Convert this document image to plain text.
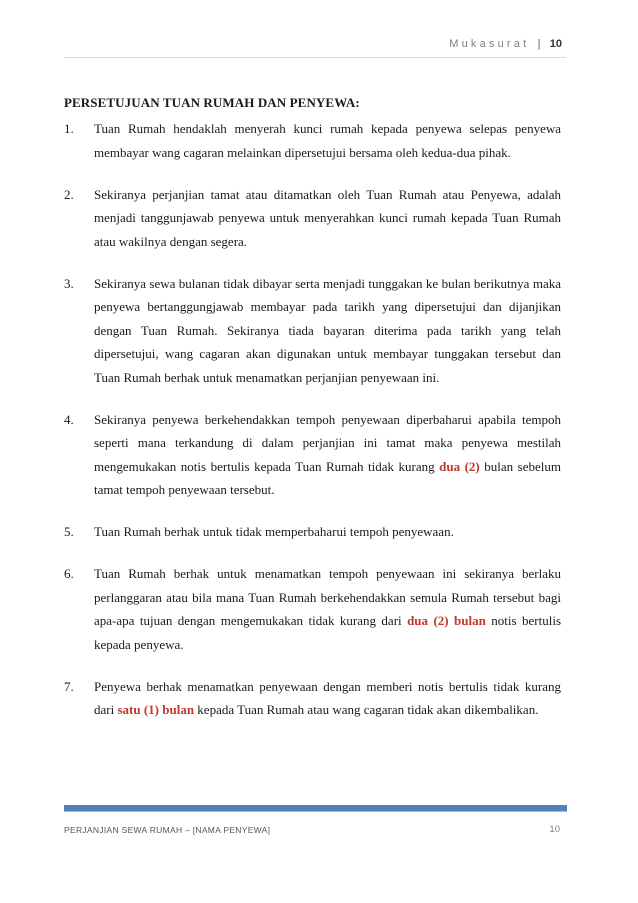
Mukasurat | 10
PERSETUJUAN TUAN RUMAH DAN PENYEWA:
1.	Tuan Rumah hendaklah menyerah kunci rumah kepada penyewa selepas penyewa membayar wang cagaran melainkan dipersetujui bersama oleh kedua-dua pihak.
2.	Sekiranya perjanjian tamat atau ditamatkan oleh Tuan Rumah atau Penyewa, adalah menjadi tanggunjawab penyewa untuk menyerahkan kunci rumah kepada Tuan Rumah atau wakilnya dengan segera.
3.	Sekiranya sewa bulanan tidak dibayar serta menjadi tunggakan ke bulan berikutnya maka penyewa bertanggungjawab membayar pada tarikh yang dipersetujui dan dijanjikan dengan Tuan Rumah. Sekiranya tiada bayaran diterima pada tarikh yang telah dipersetujui, wang cagaran akan digunakan untuk membayar tunggakan tersebut dan Tuan Rumah berhak untuk menamatkan perjanjian penyewaan ini.
4.	Sekiranya penyewa berkehendakkan tempoh penyewaan diperbaharui apabila tempoh seperti mana terkandung di dalam perjanjian ini tamat maka penyewa mestilah mengemukakan notis bertulis kepada Tuan Rumah tidak kurang dua (2) bulan sebelum tamat tempoh penyewaan tersebut.
5.	Tuan Rumah berhak untuk tidak memperbaharui tempoh penyewaan.
6.	Tuan Rumah berhak untuk menamatkan tempoh penyewaan ini sekiranya berlaku perlanggaran atau bila mana Tuan Rumah berkehendakkan semula Rumah tersebut bagi apa-apa tujuan dengan mengemukakan tidak kurang dari dua (2) bulan notis bertulis kepada penyewa.
7.	Penyewa berhak menamatkan penyewaan dengan memberi notis bertulis tidak kurang dari satu (1) bulan kepada Tuan Rumah atau wang cagaran tidak akan dikembalikan.
PERJANJIAN SEWA RUMAH – [NAMA PENYEWA]	10
